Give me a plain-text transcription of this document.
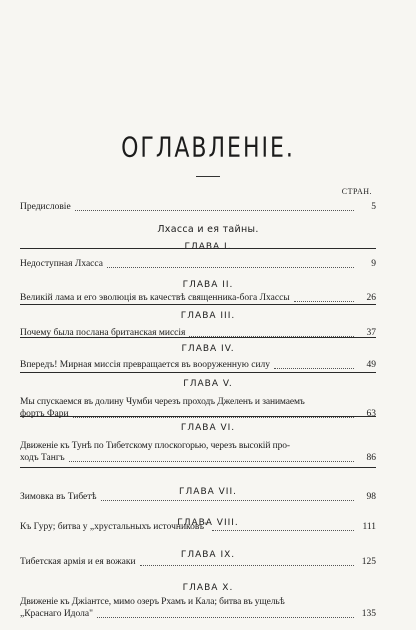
ОГЛАВЛЕНІЕ.
СТРАН.
Предисловіе	5
Лхасса и ея тайны.
ГЛАВА I.
Недоступная Лхасса	9
ГЛАВА II.
Великій лама и его эволюція въ качествѣ священника-бога Лхассы	26
ГЛАВА III.
Почему была послана британская миссія	37
ГЛАВА IV.
Впередъ! Мирная миссія превращается въ вооруженную силу	49
ГЛАВА V.
Мы спускаемся въ долину Чумби черезъ проходъ Джеленъ и занимаемъ
фортъ Фари	63
ГЛАВА VI.
Движеніе къ Тунѣ по Тибетскому плоскогорью, черезъ высокій про-
ходъ Тангъ	86
ГЛАВА VII.
Зимовка въ Тибетѣ	98
ГЛАВА VIII.
Къ Гуру; битва у „хрустальныхъ источниковъ"	111
ГЛАВА IX.
Тибетская армія и ея вожаки	125
ГЛАВА X.
Движеніе къ Джіантсе, мимо озеръ Рхамъ и Кала; битва въ ущельѣ
„Краснаго Идола"	135
